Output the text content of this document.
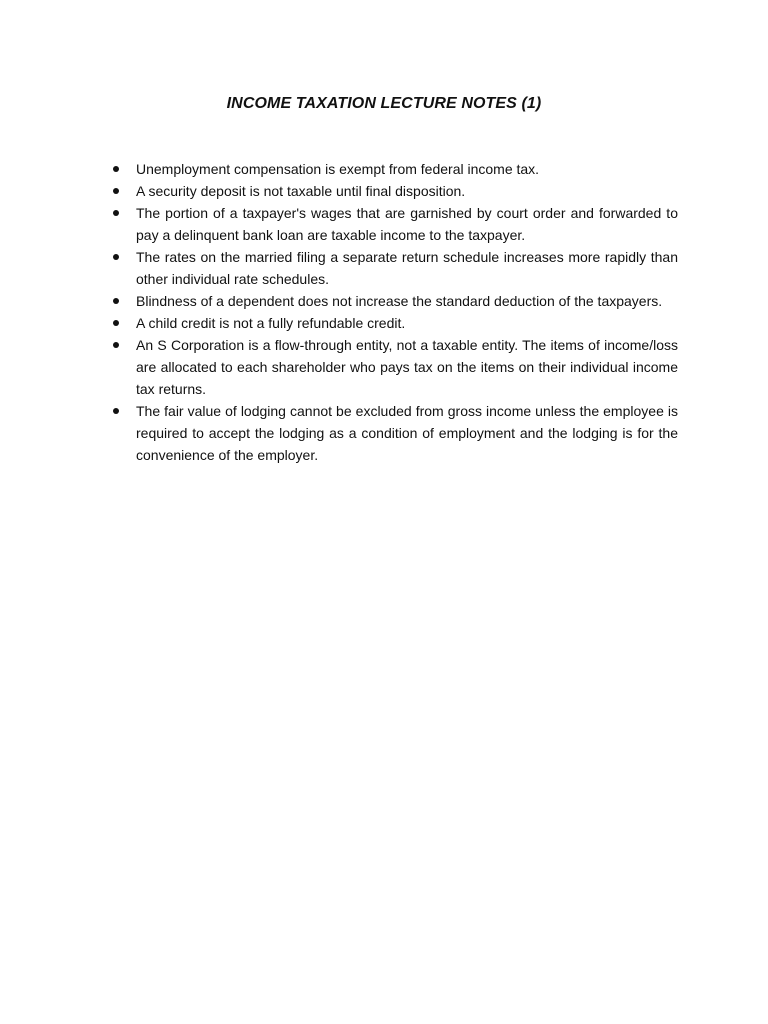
INCOME TAXATION LECTURE NOTES (1)
Unemployment compensation is exempt from federal income tax.
A security deposit is not taxable until final disposition.
The portion of a taxpayer's wages that are garnished by court order and forwarded to pay a delinquent bank loan are taxable income to the taxpayer.
The rates on the married filing a separate return schedule increases more rapidly than other individual rate schedules.
Blindness of a dependent does not increase the standard deduction of the taxpayers.
A child credit is not a fully refundable credit.
An S Corporation is a flow-through entity, not a taxable entity. The items of income/loss are allocated to each shareholder who pays tax on the items on their individual income tax returns.
The fair value of lodging cannot be excluded from gross income unless the employee is required to accept the lodging as a condition of employment and the lodging is for the convenience of the employer.
